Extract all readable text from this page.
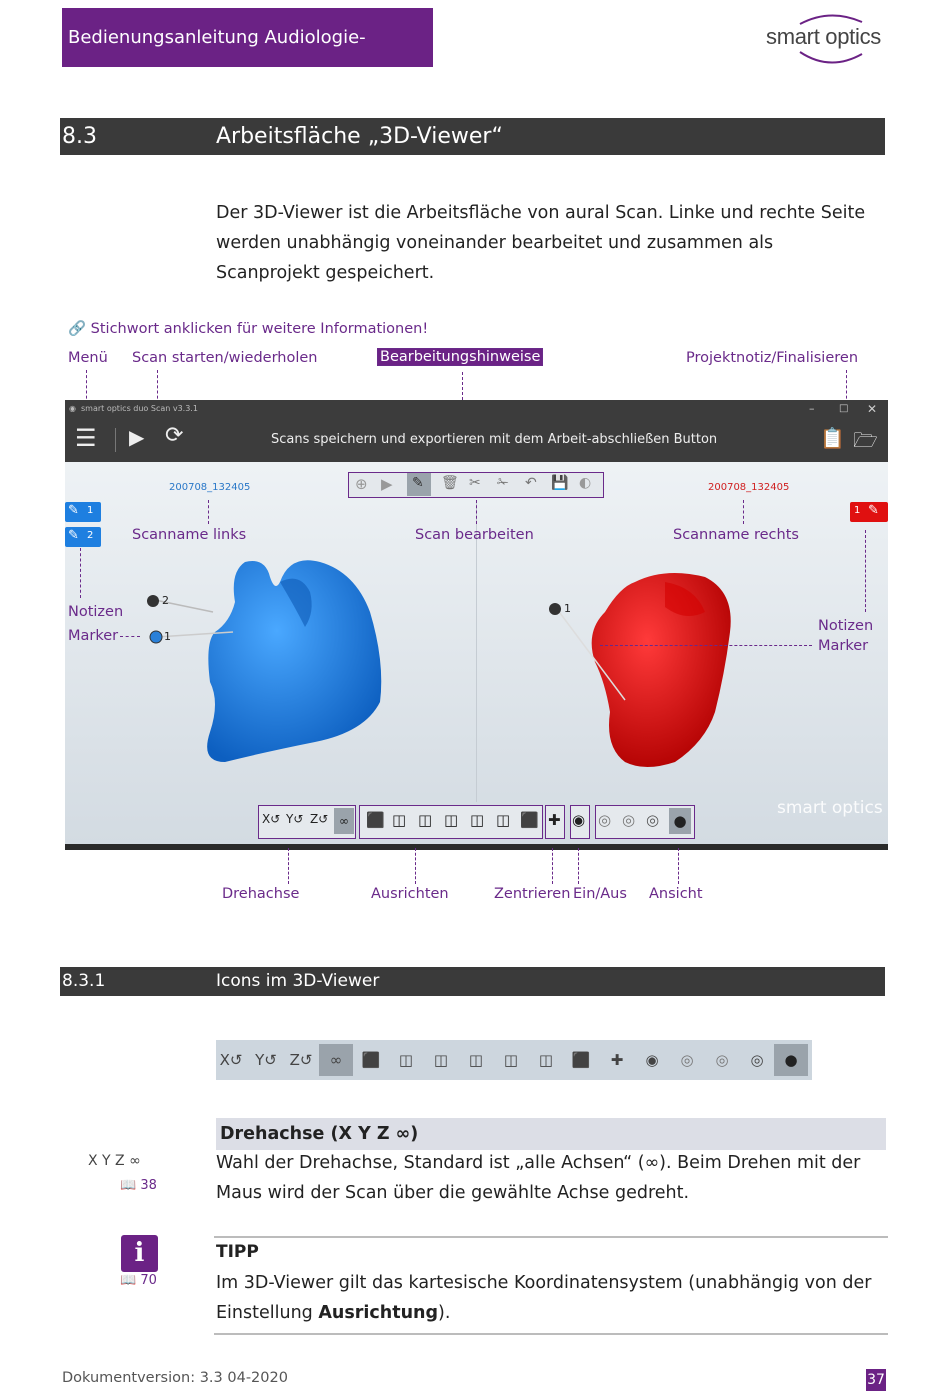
Bedienungsanleitung Audiologie-Scanner
smart optics
8.3	Arbeitsfläche „3D-Viewer“
Der 3D-Viewer ist die Arbeitsfläche von aural Scan. Linke und rechte Seite werden unabhängig voneinander bearbeitet und zusammen als Scanprojekt gespeichert.
🔗 Stichwort anklicken für weitere Informationen!
Menü Scan starten/wiederholen	Bearbeitungshinweise	Projektnotiz/Finalisieren
◉ smart optics duo Scan v3.3.1	– □ ✕
☰ ▶ ⟳	Scans speichern und exportieren mit dem Arbeit-abschließen Button	📋 🗁
200708_132405	200708_132405
⊕ ▶ ✎ 🗑 ✂ ✁ ↶ 💾 ◐
✎ 1
✎ 2
1 ✎
2
1
1
smart optics
X↺ Y↺ Z↺ ∞	⬛ ◫ ◫ ◫ ◫ ◫ ⬛ ✚ ◉ ◎ ◎ ◎ ●
Scanname links	Scan bearbeiten	Scanname rechts
Notizen
Marker
Notizen
Marker
Drehachse	Ausrichten	Zentrieren Ein/Aus Ansicht
8.3.1	Icons im 3D-Viewer
X↺ Y↺ Z↺	∞	⬛	◫	◫	◫	◫	◫	⬛	✚	◉	◎	◎	◎	●
Drehachse (X Y Z ∞)
Wahl der Drehachse, Standard ist „alle Achsen“ (∞). Beim Drehen mit der Maus wird der Scan über die gewählte Achse gedreht.
X Y Z ∞
📖 38
i
📖 70
TIPP
Im 3D-Viewer gilt das kartesische Koordinatensystem (unabhängig von der Einstellung Ausrichtung).
Dokumentversion: 3.3 04-2020	37
